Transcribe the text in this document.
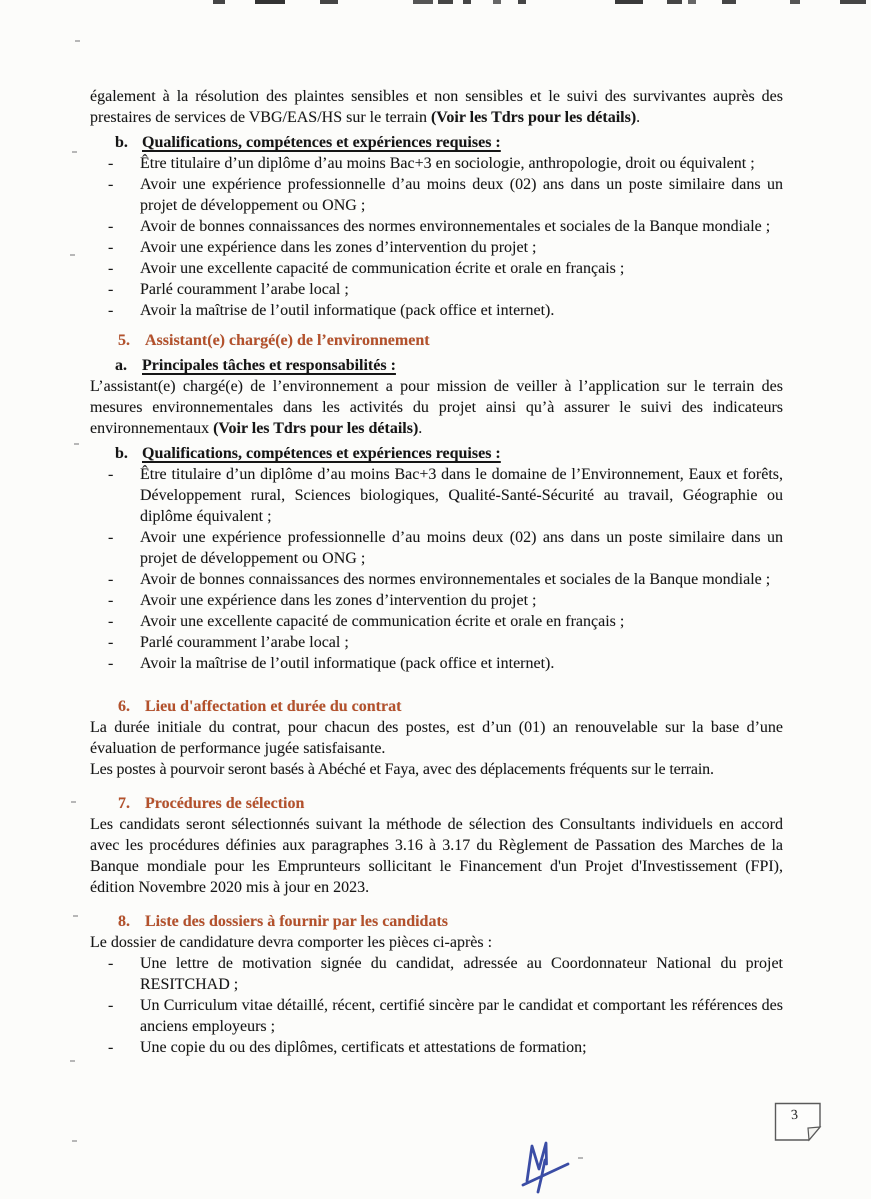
également à la résolution des plaintes sensibles et non sensibles et le suivi des survivantes auprès des prestaires de services de VBG/EAS/HS sur le terrain (Voir les Tdrs pour les détails).

b. Qualifications, compétences et expériences requises :

- Être titulaire d’un diplôme d’au moins Bac+3 en sociologie, anthropologie, droit ou équivalent ;
- Avoir une expérience professionnelle d’au moins deux (02) ans dans un poste similaire dans un projet de développement ou ONG ;
- Avoir de bonnes connaissances des normes environnementales et sociales de la Banque mondiale ;
- Avoir une expérience dans les zones d’intervention du projet ;
- Avoir une excellente capacité de communication écrite et orale en français ;
- Parlé couramment l’arabe local ;
- Avoir la maîtrise de l’outil informatique (pack office et internet).

5. Assistant(e) chargé(e) de l’environnement

a. Principales tâches et responsabilités :

L’assistant(e) chargé(e) de l’environnement a pour mission de veiller à l’application sur le terrain des mesures environnementales dans les activités du projet ainsi qu’à assurer le suivi des indicateurs environnementaux (Voir les Tdrs pour les détails).

b. Qualifications, compétences et expériences requises :

- Être titulaire d’un diplôme d’au moins Bac+3 dans le domaine de l’Environnement, Eaux et forêts, Développement rural, Sciences biologiques, Qualité-Santé-Sécurité au travail, Géographie ou diplôme équivalent ;
- Avoir une expérience professionnelle d’au moins deux (02) ans dans un poste similaire dans un projet de développement ou ONG ;
- Avoir de bonnes connaissances des normes environnementales et sociales de la Banque mondiale ;
- Avoir une expérience dans les zones d’intervention du projet ;
- Avoir une excellente capacité de communication écrite et orale en français ;
- Parlé couramment l’arabe local ;
- Avoir la maîtrise de l’outil informatique (pack office et internet).

6. Lieu d'affectation et durée du contrat

La durée initiale du contrat, pour chacun des postes, est d’un (01) an renouvelable sur la base d’une évaluation de performance jugée satisfaisante.

Les postes à pourvoir seront basés à Abéché et Faya, avec des déplacements fréquents sur le terrain.

7. Procédures de sélection

Les candidats seront sélectionnés suivant la méthode de sélection des Consultants individuels en accord avec les procédures définies aux paragraphes 3.16 à 3.17 du Règlement de Passation des Marches de la Banque mondiale pour les Emprunteurs sollicitant le Financement d'un Projet d'Investissement (FPI), édition Novembre 2020 mis à jour en 2023.

8. Liste des dossiers à fournir par les candidats

Le dossier de candidature devra comporter les pièces ci-après :

- Une lettre de motivation signée du candidat, adressée au Coordonnateur National du projet RESITCHAD ;
- Un Curriculum vitae détaillé, récent, certifié sincère par le candidat et comportant les références des anciens employeurs ;
- Une copie du ou des diplômes, certificats et attestations de formation;
3
